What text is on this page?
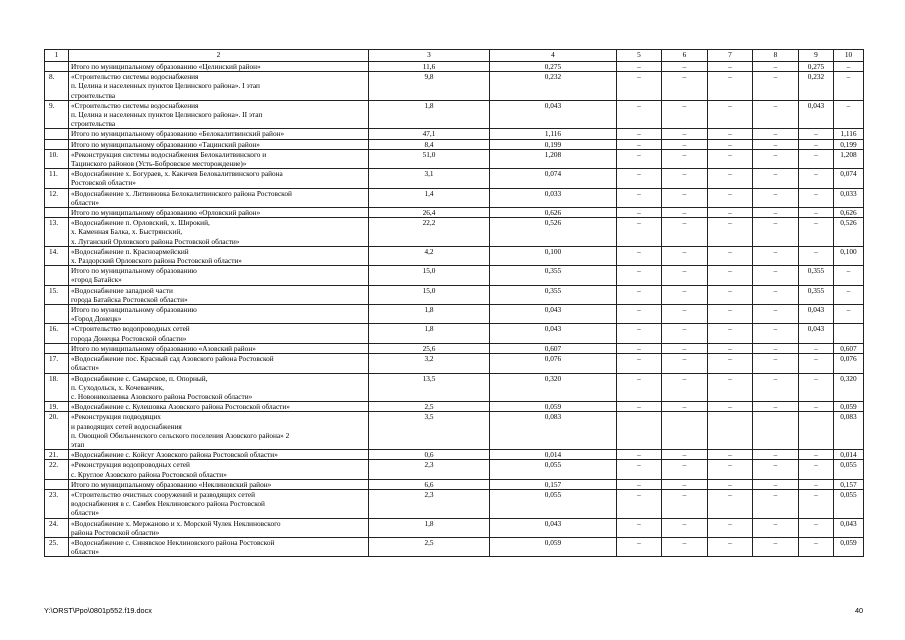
1	2	3	4	5	6	7	8	9	10
	Итого по муниципальному образованию «Целинский район»	11,6	0,275	–	–	–	–	0,275	–
8.	«Строительство системы водоснабжения
п. Целина и населенных пунктов Целинского района». I этап
строительства	9,8	0,232	–	–	–	–	0,232	–
9.	«Строительство системы водоснабжения
п. Целина и населенных пунктов Целинского района». II этап
строительства	1,8	0,043	–	–	–	–	0,043	–
	Итого по муниципальному образованию «Белокалитвинский район»	47,1	1,116	–	–	–	–	–	1,116
	Итого по муниципальному образованию «Тацинский район»	8,4	0,199	–	–	–	–	–	0,199
10.	«Реконструкция системы водоснабжения Белокалитвинского и
Тацинского районов (Усть-Бобровское месторождение)»	51,0	1,208	–	–	–	–	–	1,208
11.	«Водоснабжение х. Богураев, х. Какичев Белокалитвинского района
Ростовской области»	3,1	0,074	–	–	–	–	–	0,074
12.	«Водоснабжение х. Литвиновка Белокалитвинского района Ростовской
области»	1,4	0,033	–	–	–	–	–	0,033
	Итого по муниципальному образованию «Орловский район»	26,4	0,626	–	–	–	–	–	0,626
13.	«Водоснабжение п. Орловский, х. Широкий,
х. Каменная Балка, х. Быстрянский,
х. Луганский Орловского района Ростовской области»	22,2	0,526	–	–	–	–	–	0,526
14.	«Водоснабжение п. Красноармейский
х. Раздорский Орловского района Ростовской области»	4,2	0,100	–	–	–	–	–	0,100
	Итого по муниципальному образованию
«город Батайск»	15,0	0,355	–	–	–	–	0,355	–
15.	«Водоснабжение западной части
города Батайска Ростовской области»	15,0	0,355	–	–	–	–	0,355	–
	Итого по муниципальному образованию
«Город Донецк»	1,8	0,043	–	–	–	–	0,043	–
16.	«Строительство водопроводных сетей
города Донецка Ростовской области»	1,8	0,043	–	–	–	–	0,043	
	Итого по муниципальному образованию «Азовский район»	25,6	0,607	–	–	–	–	–	0,607
17.	«Водоснабжение пос. Красный сад Азовского района Ростовской
области»	3,2	0,076	–	–	–	–	–	0,076
18.	«Водоснабжение с. Самарское, п. Опорный,
п. Суходольск, х. Кочеванчик,
с. Новониколаевка Азовского района Ростовской области»	13,5	0,320	–	–	–	–	–	0,320
19.	«Водоснабжение с. Кулешовка Азовского района Ростовской области»	2,5	0,059	–	–	–	–	–	0,059
20.	«Реконструкция подводящих
и разводящих сетей водоснабжения
п. Овощной Обильненского сельского поселения Азовского района» 2
этап	3,5	0,083						0,083
21.	«Водоснабжение с. Койсуг Азовского района Ростовской области»	0,6	0,014	–	–	–	–	–	0,014
22.	«Реконструкция водопроводных сетей
с. Круглое Азовского района Ростовской области»	2,3	0,055	–	–	–	–	–	0,055
	Итого по муниципальному образованию «Неклиновский район»	6,6	0,157	–	–	–	–	–	0,157
23.	«Строительство очистных сооружений и разводящих сетей
водоснабжения в с. Самбек Неклиновского района Ростовской
области»	2,3	0,055	–	–	–	–	–	0,055
24.	«Водоснабжение х. Мержаново и х. Морской Чулек Неклиновского
района Ростовской области»	1,8	0,043	–	–	–	–	–	0,043
25.	«Водоснабжение с. Синявское Неклиновского района Ростовской
области»	2,5	0,059	–	–	–	–	–	0,059
Y:\ORST\Ppo\0801p552.f19.docx	40
